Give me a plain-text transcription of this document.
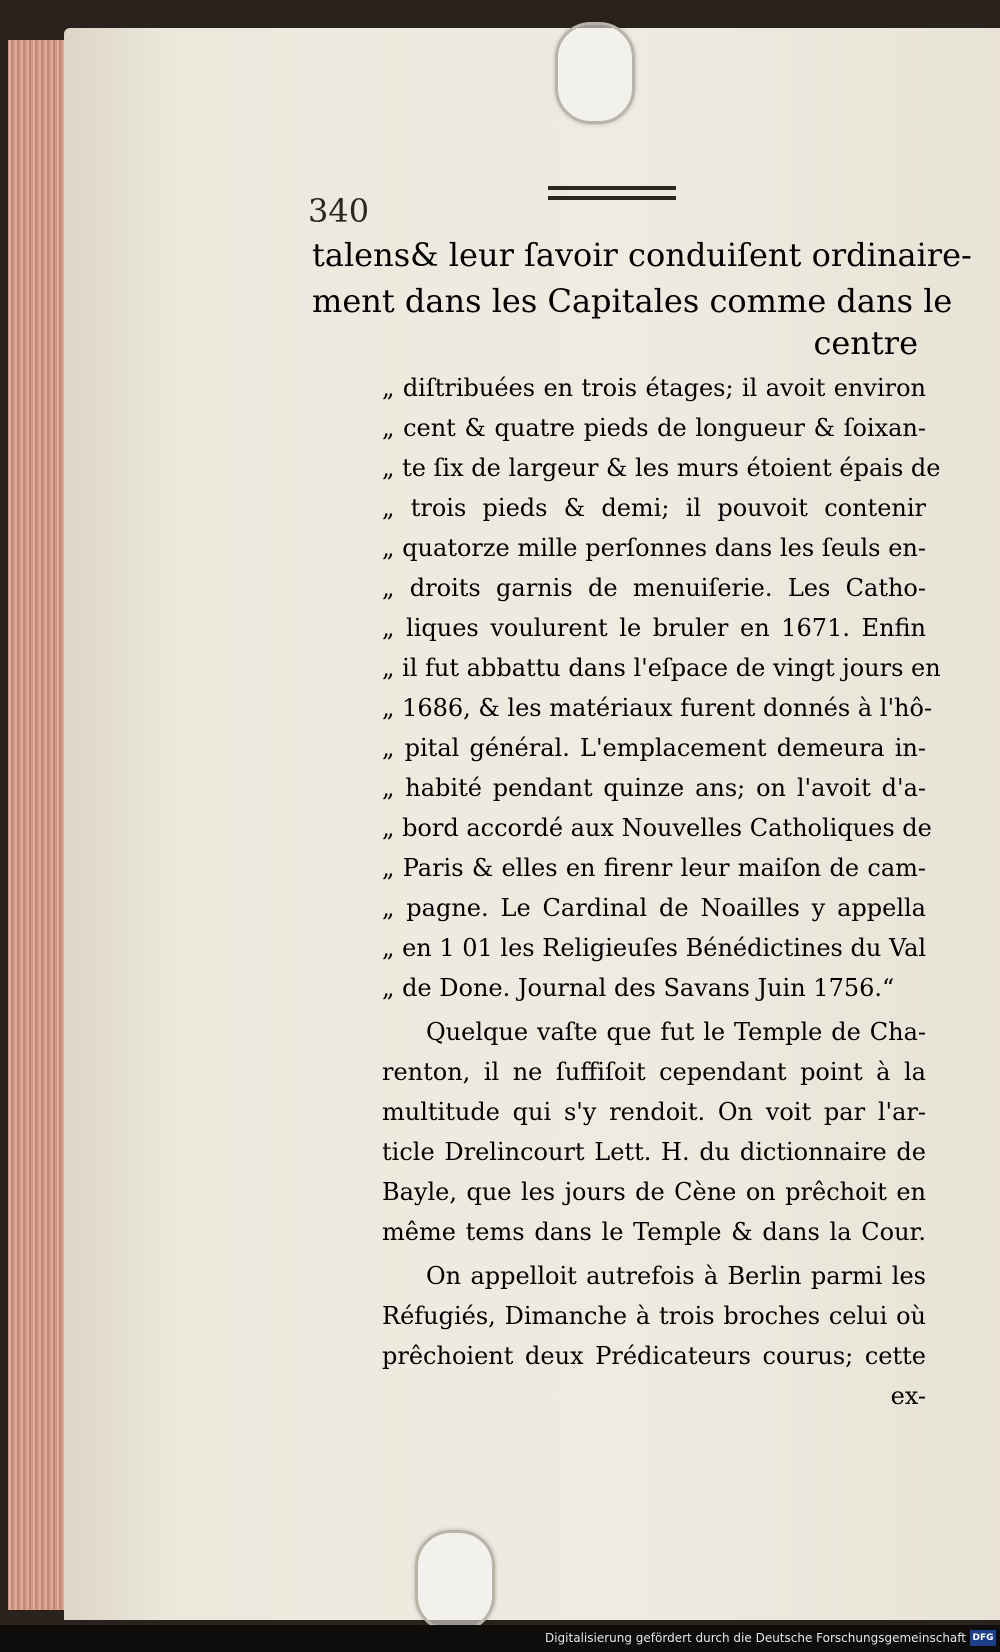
340
talens& leur ſavoir conduiſent ordinaire-
ment dans les Capitales comme dans le
centre
„ diſtribuées en trois étages; il avoit environ
„ cent & quatre pieds de longueur & ſoixan-
„ te ſix de largeur & les murs étoient épais de
„ trois pieds & demi; il pouvoit contenir
„ quatorze mille perſonnes dans les ſeuls en-
„ droits garnis de menuiſerie. Les Catho-
„ liques voulurent le bruler en 1671. Enfin
„ il fut abbattu dans l'eſpace de vingt jours en
„ 1686, & les matériaux furent donnés à l'hô-
„ pital général. L'emplacement demeura in-
„ habité pendant quinze ans; on l'avoit d'a-
„ bord accordé aux Nouvelles Catholiques de
„ Paris & elles en firenr leur maiſon de cam-
„ pagne. Le Cardinal de Noailles y appella
„ en 1 01 les Religieuſes Bénédictines du Val
„ de Done. Journal des Savans Juin 1756.“
Quelque vaſte que fut le Temple de Cha-
renton, il ne ſuffiſoit cependant point à la
multitude qui s'y rendoit. On voit par l'ar-
ticle Drelincourt Lett. H. du dictionnaire de
Bayle, que les jours de Cène on prêchoit en
même tems dans le Temple & dans la Cour.
On appelloit autrefois à Berlin parmi les
Réfugiés, Dimanche à trois broches celui où
prêchoient deux Prédicateurs courus; cette
ex-
Digitalisierung gefördert durch die Deutsche Forschungsgemeinschaft DFG
